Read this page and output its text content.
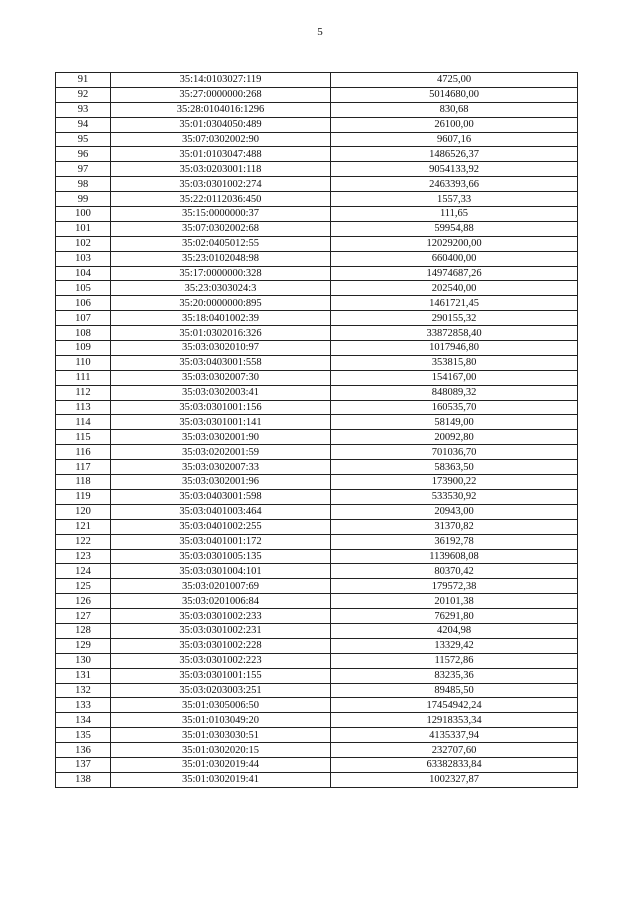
5
91	35:14:0103027:119	4725,00
92	35:27:0000000:268	5014680,00
93	35:28:0104016:1296	830,68
94	35:01:0304050:489	26100,00
95	35:07:0302002:90	9607,16
96	35:01:0103047:488	1486526,37
97	35:03:0203001:118	9054133,92
98	35:03:0301002:274	2463393,66
99	35:22:0112036:450	1557,33
100	35:15:0000000:37	111,65
101	35:07:0302002:68	59954,88
102	35:02:0405012:55	12029200,00
103	35:23:0102048:98	660400,00
104	35:17:0000000:328	14974687,26
105	35:23:0303024:3	202540,00
106	35:20:0000000:895	1461721,45
107	35:18:0401002:39	290155,32
108	35:01:0302016:326	33872858,40
109	35:03:0302010:97	1017946,80
110	35:03:0403001:558	353815,80
111	35:03:0302007:30	154167,00
112	35:03:0302003:41	848089,32
113	35:03:0301001:156	160535,70
114	35:03:0301001:141	58149,00
115	35:03:0302001:90	20092,80
116	35:03:0202001:59	701036,70
117	35:03:0302007:33	58363,50
118	35:03:0302001:96	173900,22
119	35:03:0403001:598	533530,92
120	35:03:0401003:464	20943,00
121	35:03:0401002:255	31370,82
122	35:03:0401001:172	36192,78
123	35:03:0301005:135	1139608,08
124	35:03:0301004:101	80370,42
125	35:03:0201007:69	179572,38
126	35:03:0201006:84	20101,38
127	35:03:0301002:233	76291,80
128	35:03:0301002:231	4204,98
129	35:03:0301002:228	13329,42
130	35:03:0301002:223	11572,86
131	35:03:0301001:155	83235,36
132	35:03:0203003:251	89485,50
133	35:01:0305006:50	17454942,24
134	35:01:0103049:20	12918353,34
135	35:01:0303030:51	4135337,94
136	35:01:0302020:15	232707,60
137	35:01:0302019:44	63382833,84
138	35:01:0302019:41	1002327,87
